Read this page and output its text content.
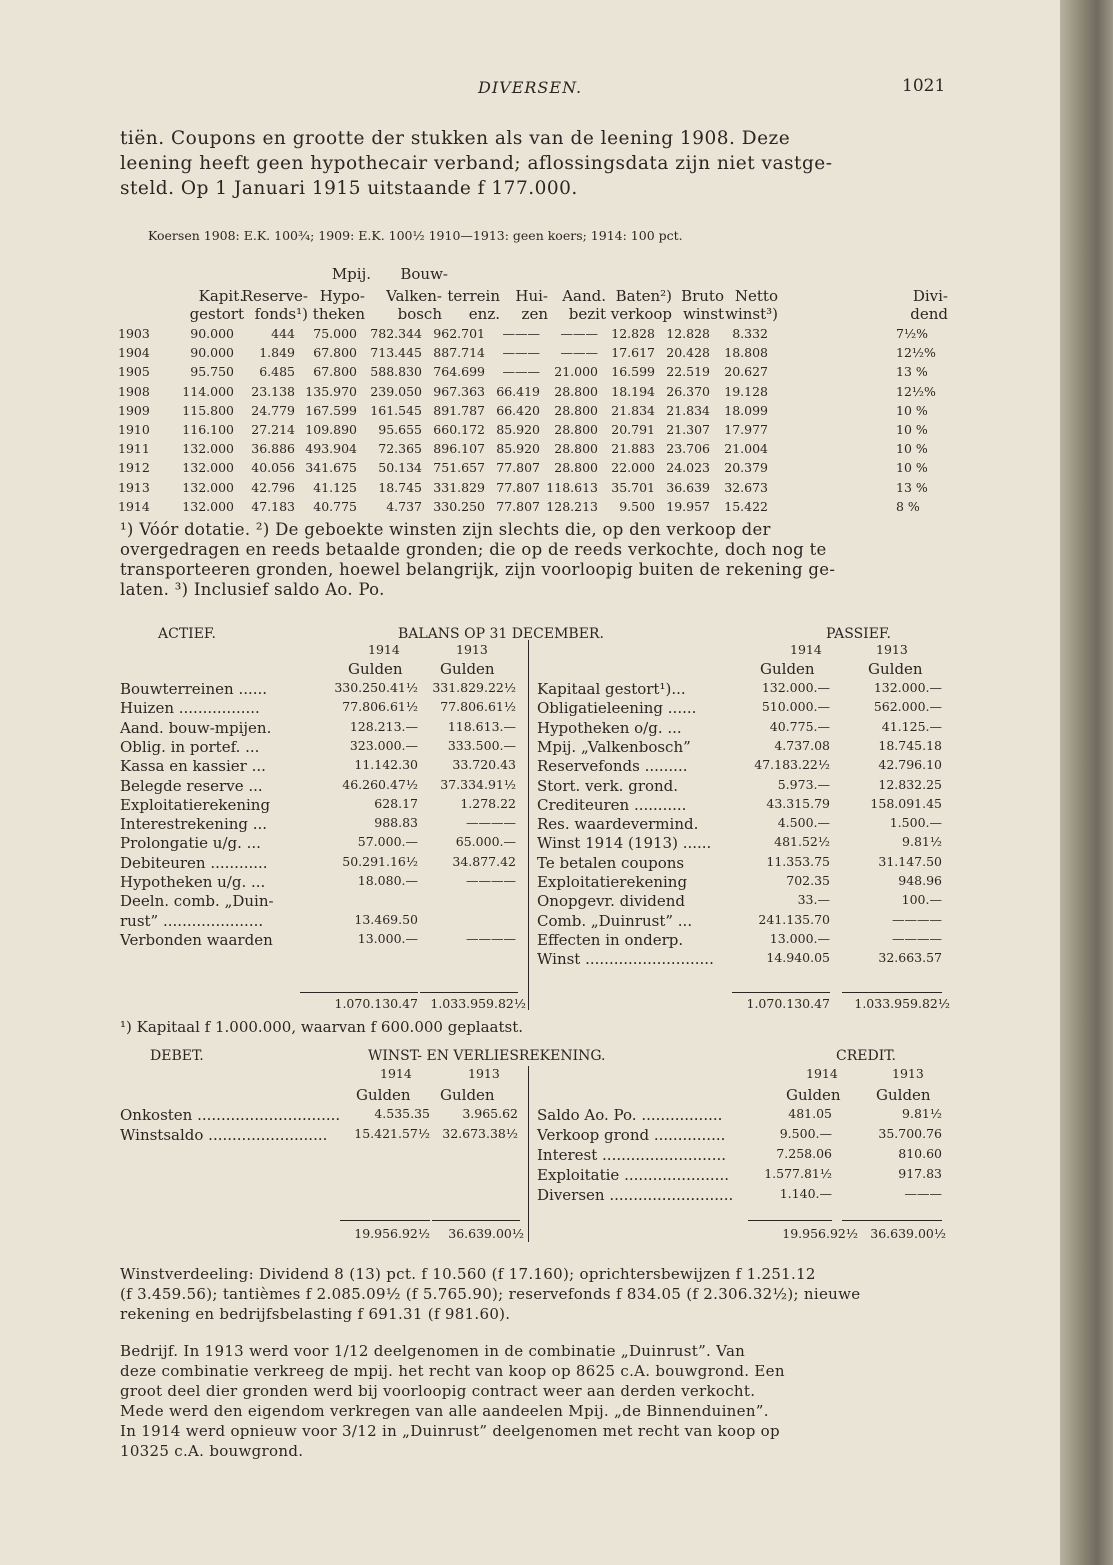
DIVERSEN.	1021
tiën. Coupons en grootte der stukken als van de leening 1908. Deze
leening heeft geen hypothecair verband; aflossingsdata zijn niet vastge-
steld. Op 1 Januari 1915 uitstaande f 177.000.
Koersen 1908: E.K. 100¾; 1909: E.K. 100½ 1910—1913: geen koers; 1914: 100 pct.
Mpij. Bouw-
Kapit.
Reserve- Hypo- Valken- terrein Hui- Aand. Baten²) Bruto Netto	Divi-
gestort fonds¹) theken bosch enz. zen bezit verkoop winst winst³)	dend
1903	90.000	444 75.000 782.344 962.701 ——— ——— 12.828 12.828 8.332	7½%
1904	90.000 1.849 67.800 713.445 887.714 ——— ——— 17.617 20.428 18.808	12½%
1905	95.750 6.485 67.800 588.830 764.699 ——— 21.000 16.599 22.519 20.627	13 %
1908	114.000 23.138 135.970 239.050 967.363 66.419 28.800 18.194 26.370 19.128	12½%
1909	115.800 24.779 167.599 161.545 891.787 66.420 28.800 21.834 21.834 18.099	10 %
1910	116.100 27.214 109.890 95.655 660.172 85.920 28.800 20.791 21.307 17.977	10 %
1911	132.000 36.886 493.904 72.365 896.107 85.920 28.800 21.883 23.706 21.004	10 %
1912	132.000 40.056 341.675 50.134 751.657 77.807 28.800 22.000 24.023 20.379	10 %
1913	132.000 42.796 41.125 18.745 331.829 77.807 118.613 35.701 36.639 32.673	13 %
1914	132.000 47.183 40.775 4.737 330.250 77.807 128.213 9.500 19.957 15.422	8 %
¹) Vóór dotatie. ²) De geboekte winsten zijn slechts die, op den verkoop der
overgedragen en reeds betaalde gronden; die op de reeds verkochte, doch nog te
transporteeren gronden, hoewel belangrijk, zijn voorloopig buiten de rekening ge-
laten. ³) Inclusief saldo Ao. Po.
ACTIEF.	BALANS OP 31 DECEMBER.	PASSIEF.
1914	1913
Gulden Gulden
1914	1913
Gulden	Gulden
Bouwterreinen ......	330.250.41½ 331.829.22½
Huizen .................	77.806.61½ 77.806.61½
Aand. bouw-mpijen.	128.213.— 118.613.—
Oblig. in portef. ...	323.000.— 333.500.—
Kassa en kassier ...	11.142.30	33.720.43
Belegde reserve ...	46.260.47½ 37.334.91½
Exploitatierekening	628.17	1.278.22
Interestrekening ...	988.83	————
Prolongatie u/g. ...	57.000.—	65.000.—
Debiteuren ............	50.291.16½	34.877.42
Hypotheken u/g. ...	18.080.—	————
Deeln. comb. „Duin-
rust” .....................	13.469.50
Verbonden waarden	13.000.—	————
Kapitaal gestort¹)...	132.000.—	132.000.—
Obligatieleening ......	510.000.—	562.000.—
Hypotheken o/g. ...	40.775.—	41.125.—
Mpij. „Valkenbosch”	4.737.08	18.745.18
Reservefonds .........	47.183.22½	42.796.10
Stort. verk. grond.	5.973.—	12.832.25
Crediteuren ...........	43.315.79	158.091.45
Res. waardevermind.	4.500.—	1.500.—
Winst 1914 (1913) ......	481.52½	9.81½
Te betalen coupons	11.353.75	31.147.50
Exploitatierekening	702.35	948.96
Onopgevr. dividend	33.—	100.—
Comb. „Duinrust” ...	241.135.70	————
Effecten in onderp.	13.000.—	————
Winst ...........................	14.940.05	32.663.57
1.070.130.47 1.033.959.82½	1.070.130.47 1.033.959.82½
¹) Kapitaal f 1.000.000, waarvan f 600.000 geplaatst.
DEBET.	WINST- EN VERLIESREKENING.	CREDIT.
1914	1913
Gulden Gulden
1914	1913
Gulden Gulden
Onkosten ..............................	4.535.35	3.965.62
Winstsaldo ......................... 15.421.57½ 32.673.38½
Saldo Ao. Po. .................	481.05	9.81½
Verkoop grond ...............	9.500.—	35.700.76
Interest ..........................	7.258.06	810.60
Exploitatie ......................	1.577.81½	917.83
Diversen ..........................	1.140.—	———
19.956.92½ 36.639.00½	19.956.92½ 36.639.00½
Winstverdeeling: Dividend 8 (13) pct. f 10.560 (f 17.160); oprichtersbewijzen f 1.251.12
(f 3.459.56); tantièmes f 2.085.09½ (f 5.765.90); reservefonds f 834.05 (f 2.306.32½); nieuwe
rekening en bedrijfsbelasting f 691.31 (f 981.60).
Bedrijf. In 1913 werd voor 1/12 deelgenomen in de combinatie „Duinrust”. Van
deze combinatie verkreeg de mpij. het recht van koop op 8625 c.A. bouwgrond. Een
groot deel dier gronden werd bij voorloopig contract weer aan derden verkocht.
Mede werd den eigendom verkregen van alle aandeelen Mpij. „de Binnenduinen”.
In 1914 werd opnieuw voor 3/12 in „Duinrust” deelgenomen met recht van koop op
10325 c.A. bouwgrond.
